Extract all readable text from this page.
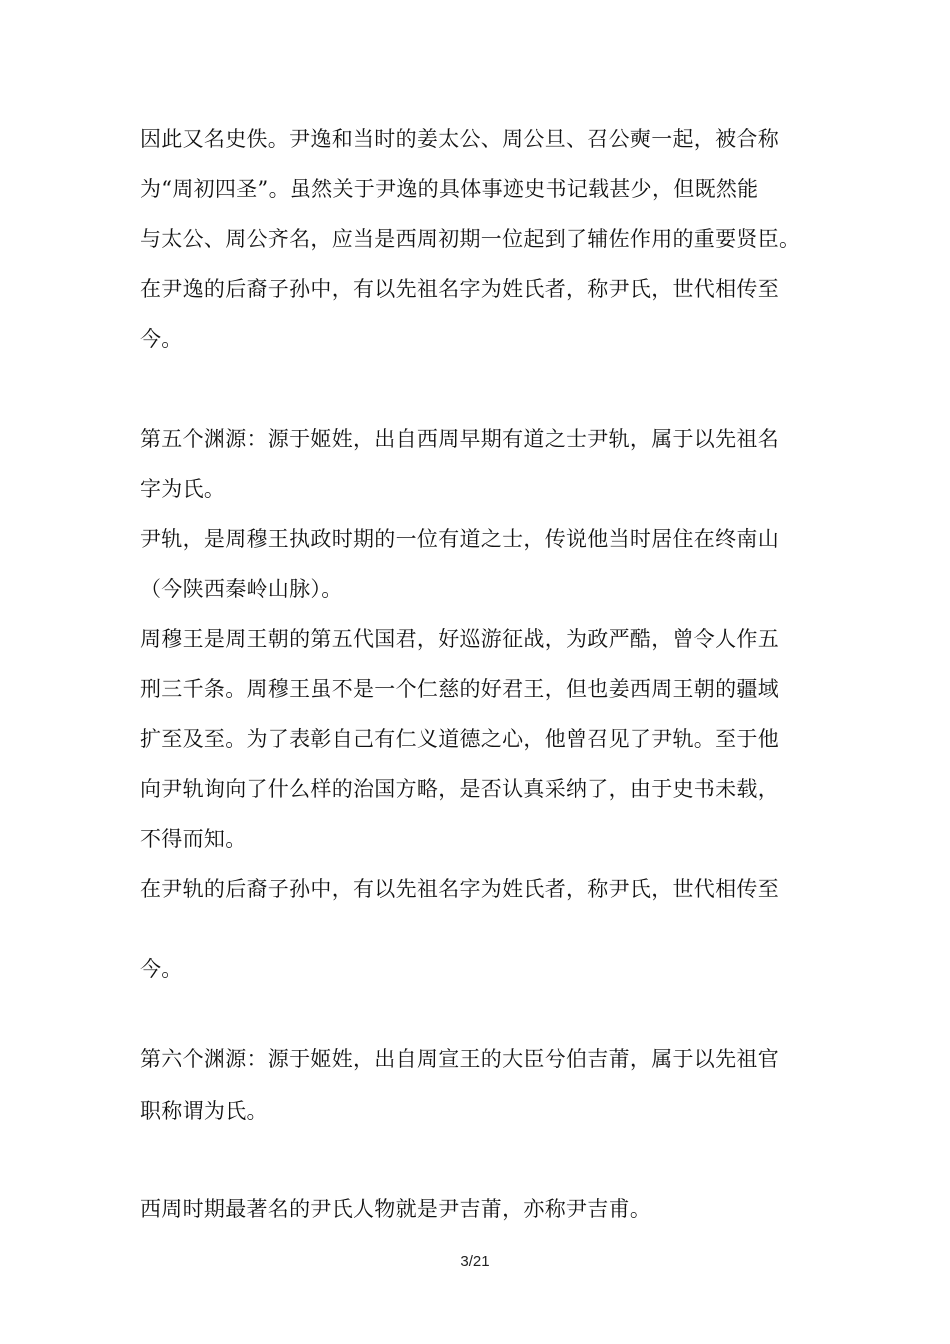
因此又名史佚。尹逸和当时的姜太公、周公旦、召公奭一起，被合称
为“周初四圣”。虽然关于尹逸的具体事迹史书记载甚少，但既然能
与太公、周公齐名，应当是西周初期一位起到了辅佐作用的重要贤臣。
在尹逸的后裔子孙中，有以先祖名字为姓氏者，称尹氏，世代相传至
今。
第五个渊源：源于姬姓，出自西周早期有道之士尹轨，属于以先祖名
字为氏。
尹轨，是周穆王执政时期的一位有道之士，传说他当时居住在终南山
（今陕西秦岭山脉）。
周穆王是周王朝的第五代国君，好巡游征战，为政严酷，曾令人作五
刑三千条。周穆王虽不是一个仁慈的好君王，但也姜西周王朝的疆域
扩至及至。为了表彰自己有仁义道德之心，他曾召见了尹轨。至于他
向尹轨询向了什么样的治国方略，是否认真采纳了，由于史书未载，
不得而知。
在尹轨的后裔子孙中，有以先祖名字为姓氏者，称尹氏，世代相传至
今。
第六个渊源：源于姬姓，出自周宣王的大臣兮伯吉莆，属于以先祖官
职称谓为氏。
西周时期最著名的尹氏人物就是尹吉莆，亦称尹吉甫。
3/21
